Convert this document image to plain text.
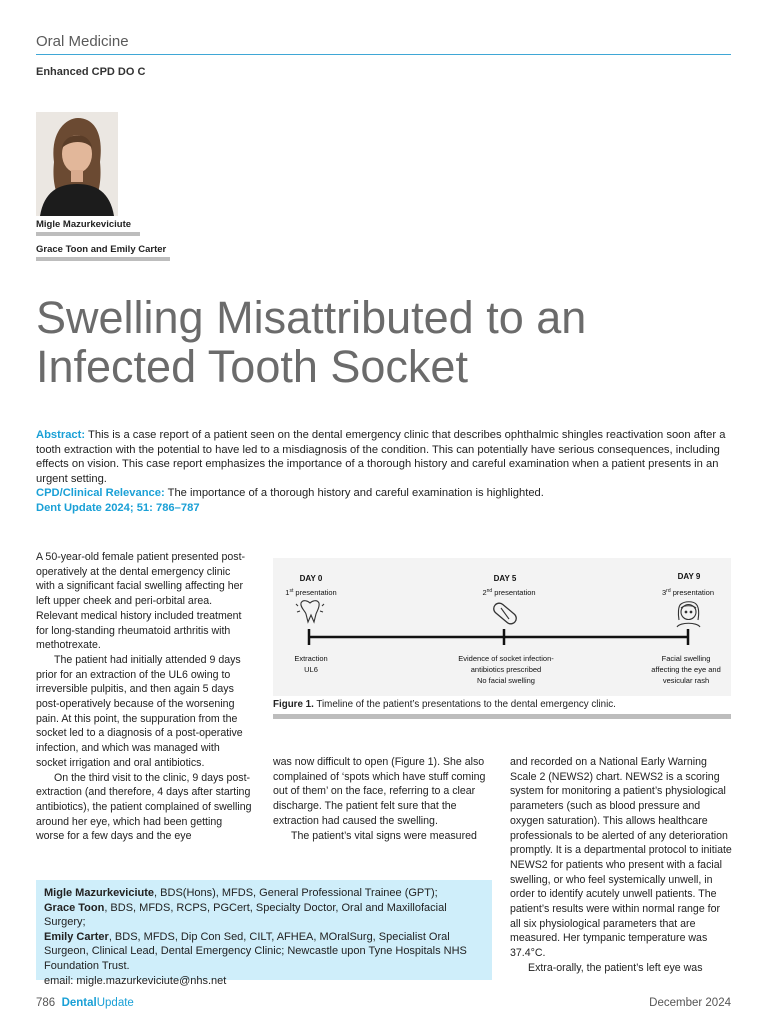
Oral Medicine
Enhanced CPD DO C
Migle Mazurkeviciute
Grace Toon and Emily Carter
Swelling Misattributed to an
Infected Tooth Socket
Abstract: This is a case report of a patient seen on the dental emergency clinic that describes ophthalmic shingles reactivation soon after a tooth extraction with the potential to have led to a misdiagnosis of the condition. This can potentially have serious consequences, including effects on vision. This case report emphasizes the importance of a thorough history and careful examination when a patient presents in an urgent setting.
CPD/Clinical Relevance: The importance of a thorough history and careful examination is highlighted.
Dent Update 2024; 51: 786–787

A 50-year-old female patient presented post-operatively at the dental emergency clinic with a significant facial swelling affecting her left upper cheek and peri-orbital area. Relevant medical history included treatment for long-standing rheumatoid arthritis with methotrexate.

The patient had initially attended 9 days prior for an extraction of the UL6 owing to irreversible pulpitis, and then again 5 days post-operatively because of the worsening pain. At this point, the suppuration from the socket led to a diagnosis of a post-operative infection, and which was managed with socket irrigation and oral antibiotics.

On the third visit to the clinic, 9 days post-extraction (and therefore, 4 days after starting antibiotics), the patient complained of swelling around her eye, which had been getting worse for a few days and the eye

DAY 0
1st presentation
Extraction
UL6
DAY 5
2nd presentation
Evidence of socket infection-
antibiotics prescribed
No facial swelling
DAY 9
3rd presentation
Facial swelling
affecting the eye and
vesicular rash
Figure 1. Timeline of the patient’s presentations to the dental emergency clinic.

was now difficult to open (Figure 1). She also complained of ‘spots which have stuff coming out of them’ on the face, referring to a clear discharge. The patient felt sure that the extraction had caused the swelling.

The patient’s vital signs were measured

and recorded on a National Early Warning Scale 2 (NEWS2) chart. NEWS2 is a scoring system for monitoring a patient’s physiological parameters (such as blood pressure and oxygen saturation). This allows healthcare professionals to be alerted of any deterioration promptly. It is a departmental protocol to initiate NEWS2 for patients who present with a facial swelling, or who feel systemically unwell, in order to identify acutely unwell patients. The patient’s results were within normal range for all six physiological parameters that are measured. Her tympanic temperature was 37.4°C.

Extra-orally, the patient’s left eye was

Migle Mazurkeviciute, BDS(Hons), MFDS, General Professional Trainee (GPT);
Grace Toon, BDS, MFDS, RCPS, PGCert, Specialty Doctor, Oral and Maxillofacial Surgery;
Emily Carter, BDS, MFDS, Dip Con Sed, CILT, AFHEA, MOralSurg, Specialist Oral Surgeon, Clinical Lead, Dental Emergency Clinic; Newcastle upon Tyne Hospitals NHS Foundation Trust.
email: migle.mazurkeviciute@nhs.net
786 DentalUpdate	December 2024
